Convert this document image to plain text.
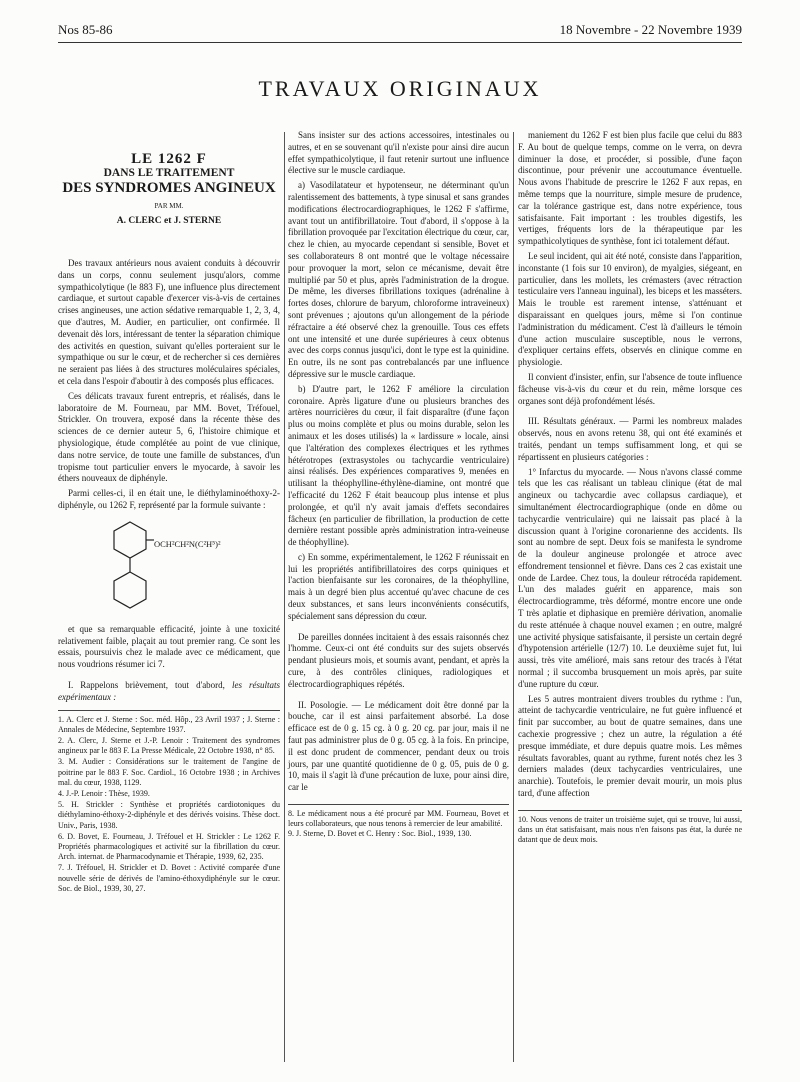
Nos 85-86	18 Novembre - 22 Novembre 1939
TRAVAUX ORIGINAUX
LE 1262 F
DANS LE TRAITEMENT
DES SYNDROMES ANGINEUX
PAR MM.
A. CLERC et J. STERNE

Des travaux antérieurs nous avaient conduits à découvrir dans un corps, connu seulement jusqu'alors, comme sympathicolytique (le 883 F), une influence plus directement cardiaque, et surtout capable d'exercer vis-à-vis de certaines crises angineuses, une action sédative remarquable 1, 2, 3, 4, que d'autres, M. Audier, en particulier, ont confirmée. Il devenait dès lors, intéressant de tenter la séparation chimique des activités en question, suivant qu'elles porteraient sur le sympathique ou sur le cœur, et de rechercher si ces dernières ne seraient pas liées à des structures moléculaires spéciales, et cela dans l'espoir d'aboutir à des composés plus efficaces.

Ces délicats travaux furent entrepris, et réalisés, dans le laboratoire de M. Fourneau, par MM. Bovet, Tréfouel, Strickler. On trouvera, exposé dans la récente thèse des sciences de ce dernier auteur 5, 6, l'histoire chimique et physiologique, étude complétée au point de vue clinique, dans notre service, de toute une famille de substances, d'un tropisme tout particulier envers le myocarde, à savoir les éthers nouveaux de diphényle.

Parmi celles-ci, il en était une, le diéthylaminoéthoxy-2-diphényle, ou 1262 F, représenté par la formule suivante :

OCH²CH²N(C²H⁵)²

et que sa remarquable efficacité, jointe à une toxicité relativement faible, plaçait au tout premier rang. Ce sont les essais, poursuivis chez le malade avec ce médicament, que nous voudrions résumer ici 7.

I. Rappelons brièvement, tout d'abord, les résultats expérimentaux :

1. A. Clerc et J. Sterne : Soc. méd. Hôp., 23 Avril 1937 ; J. Sterne : Annales de Médecine, Septembre 1937.
2. A. Clerc, J. Sterne et J.-P. Lenoir : Traitement des syndromes angineux par le 883 F. La Presse Médicale, 22 Octobre 1938, n° 85.
3. M. Audier : Considérations sur le traitement de l'angine de poitrine par le 883 F. Soc. Cardiol., 16 Octobre 1938 ; in Archives mal. du cœur, 1938, 1129.
4. J.-P. Lenoir : Thèse, 1939.
5. H. Strickler : Synthèse et propriétés cardiotoniques du diéthylamino-éthoxy-2-diphényle et des dérivés voisins. Thèse doct. Univ., Paris, 1938.
6. D. Bovet, E. Fourneau, J. Tréfouel et H. Strickler : Le 1262 F. Propriétés pharmacologiques et activité sur la fibrillation du cœur. Arch. internat. de Pharmacodynamie et Thérapie, 1939, 62, 235.
7. J. Tréfouel, H. Strickler et D. Bovet : Activité comparée d'une nouvelle série de dérivés de l'amino-éthoxydiphényle sur le cœur. Soc. de Biol., 1939, 30, 27.

Sans insister sur des actions accessoires, intestinales ou autres, et en se souvenant qu'il n'existe pour ainsi dire aucun effet sympathicolytique, il faut retenir surtout une influence élective sur le muscle cardiaque.

a) Vasodilatateur et hypotenseur, ne déterminant qu'un ralentissement des battements, à type sinusal et sans grandes modifications électrocardiographiques, le 1262 F s'affirme, avant tout un antifibrillatoire. Tout d'abord, il s'oppose à la fibrillation provoquée par l'excitation électrique du cœur, car, chez le chien, au myocarde cependant si sensible, Bovet et ses collaborateurs 8 ont montré que le voltage nécessaire pour provoquer la mort, selon ce mécanisme, devait être multiplié par 50 et plus, après l'administration de la drogue. De même, les diverses fibrillations toxiques (adrénaline à fortes doses, chlorure de baryum, chloroforme intraveineux) sont prévenues ; ajoutons qu'un allongement de la période réfractaire a été observé chez la grenouille. Tous ces effets ont une intensité et une durée supérieures à ceux obtenus avec des corps connus jusqu'ici, dont le type est la quinidine. En outre, ils ne sont pas contrebalancés par une influence dépressive sur le muscle cardiaque.

b) D'autre part, le 1262 F améliore la circulation coronaire. Après ligature d'une ou plusieurs branches des artères nourricières du cœur, il fait disparaître (d'une façon plus ou moins complète et plus ou moins durable, selon les animaux et les doses utilisés) la « lardissure » locale, ainsi que l'altération des complexes électriques et les rythmes hétérotropes (extrasystoles ou tachycardie ventriculaire) ainsi réalisés. Des expériences comparatives 9, menées en utilisant la théophylline-éthylène-diamine, ont montré que l'efficacité du 1262 F était beaucoup plus intense et plus prolongée, et qu'il n'y avait jamais d'effets secondaires fâcheux (en particulier de fibrillation, la production de cette dernière restant possible après administration intra-veineuse de théophylline).

c) En somme, expérimentalement, le 1262 F réunissait en lui les propriétés antifibrillatoires des corps quiniques et l'action bienfaisante sur les coronaires, de la théophylline, mais à un degré bien plus accentué qu'avec chacune de ces deux substances, et sans leurs inconvénients consécutifs, spécialement sans dépression du cœur.

De pareilles données incitaient à des essais raisonnés chez l'homme. Ceux-ci ont été conduits sur des sujets observés pendant plusieurs mois, et soumis avant, pendant, et après la cure, à des contrôles cliniques, radiologiques et électrocardiographiques répétés.

II. Posologie. — Le médicament doit être donné par la bouche, car il est ainsi parfaitement absorbé. La dose efficace est de 0 g. 15 cg. à 0 g. 20 cg. par jour, mais il ne faut pas administrer plus de 0 g. 05 cg. à la fois. En principe, il est donc prudent de commencer, pendant deux ou trois jours, par une quantité quotidienne de 0 g. 05, puis de 0 g. 10, mais il s'agit là d'une précaution de luxe, pour ainsi dire, car le

8. Le médicament nous a été procuré par MM. Fourneau, Bovet et leurs collaborateurs, que nous tenons à remercier de leur amabilité.
9. J. Sterne, D. Bovet et C. Henry : Soc. Biol., 1939, 130.

maniement du 1262 F est bien plus facile que celui du 883 F. Au bout de quelque temps, comme on le verra, on devra diminuer la dose, et procéder, si possible, d'une façon discontinue, pour prévenir une accoutumance éventuelle. Nous avons l'habitude de prescrire le 1262 F aux repas, en même temps que la nourriture, simple mesure de prudence, car la tolérance gastrique est, dans notre expérience, tous satisfaisante. Fait important : les troubles digestifs, les vertiges, fréquents lors de la thérapeutique par les sympathicolytiques de synthèse, font ici totalement défaut.

Le seul incident, qui ait été noté, consiste dans l'apparition, inconstante (1 fois sur 10 environ), de myalgies, siégeant, en particulier, dans les mollets, les crémasters (avec rétraction testiculaire vers l'anneau inguinal), les biceps et les masséters. Mais le trouble est rarement intense, s'atténuant et disparaissant en quelques jours, même si l'on continue l'administration du médicament. C'est là d'ailleurs le témoin d'une action musculaire susceptible, nous le verrons, d'expliquer certains effets, observés en clinique comme en physiologie.

Il convient d'insister, enfin, sur l'absence de toute influence fâcheuse vis-à-vis du cœur et du rein, même lorsque ces organes sont déjà profondément lésés.

III. Résultats généraux. — Parmi les nombreux malades observés, nous en avons retenu 38, qui ont été examinés et traités, pendant un temps suffisamment long, et qui se répartissent en plusieurs catégories :

1° Infarctus du myocarde. — Nous n'avons classé comme tels que les cas réalisant un tableau clinique (état de mal angineux ou tachycardie avec collapsus cardiaque), et simultanément électrocardiographique (onde en dôme ou tachycardie ventriculaire) qui ne laissait pas placé à la discussion quant à l'origine coronarienne des accidents. Ils sont au nombre de sept. Deux fois se manifesta le syndrome de la douleur angineuse prolongée et atroce avec effondrement tensionnel et fièvre. Dans ces 2 cas existait une onde de Lardee. Chez tous, la douleur rétrocéda rapidement. L'un des malades guérit en apparence, mais son électrocardiogramme, très déformé, montre encore une onde T très aplatie et diphasique en première dérivation, anomalie du reste atténuée à chaque nouvel examen ; en outre, malgré une activité physique satisfaisante, il persiste un certain degré d'hypotension artérielle (12/7) 10. Le deuxième sujet fut, lui aussi, très vite amélioré, mais sans retour des tracés à l'état normal ; il succomba brusquement un mois après, par suite d'une rupture du cœur.

Les 5 autres montraient divers troubles du rythme : l'un, atteint de tachycardie ventriculaire, ne fut guère influencé et finit par succomber, au bout de quatre semaines, dans une cachexie progressive ; chez un autre, la régulation a été presque immédiate, et dure depuis quatre mois. Les mêmes résultats favorables, quant au rythme, furent notés chez les 3 derniers malades (deux tachycardies ventriculaires, une anarchie). Toutefois, le premier devait mourir, un mois plus tard, d'une affection

10. Nous venons de traiter un troisième sujet, qui se trouve, lui aussi, dans un état satisfaisant, mais nous n'en faisons pas état, la durée ne datant que de deux mois.
